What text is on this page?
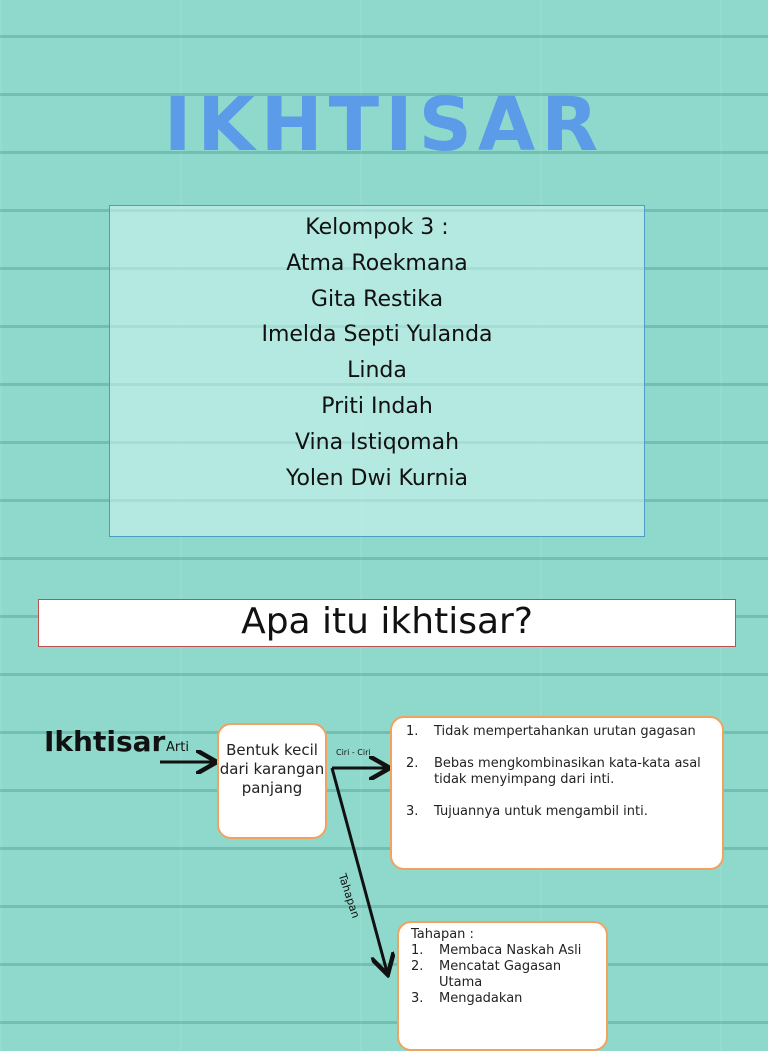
IKHTISAR
Kelompok 3 :
Atma Roekmana
Gita Restika
Imelda Septi Yulanda
Linda
Priti Indah
Vina Istiqomah
Yolen Dwi Kurnia
Apa itu ikhtisar?
Ikhtisar Arti	Ciri - Ciri
Tahapan
Bentuk kecil dari karangan panjang
1.	Tidak mempertahankan urutan gagasan
2.	Bebas mengkombinasikan kata-kata asal tidak menyimpang dari inti.
3.	Tujuannya untuk mengambil inti.
Tahapan :
1.	Membaca Naskah Asli
2.	Mencatat Gagasan Utama
3.	Mengadakan
